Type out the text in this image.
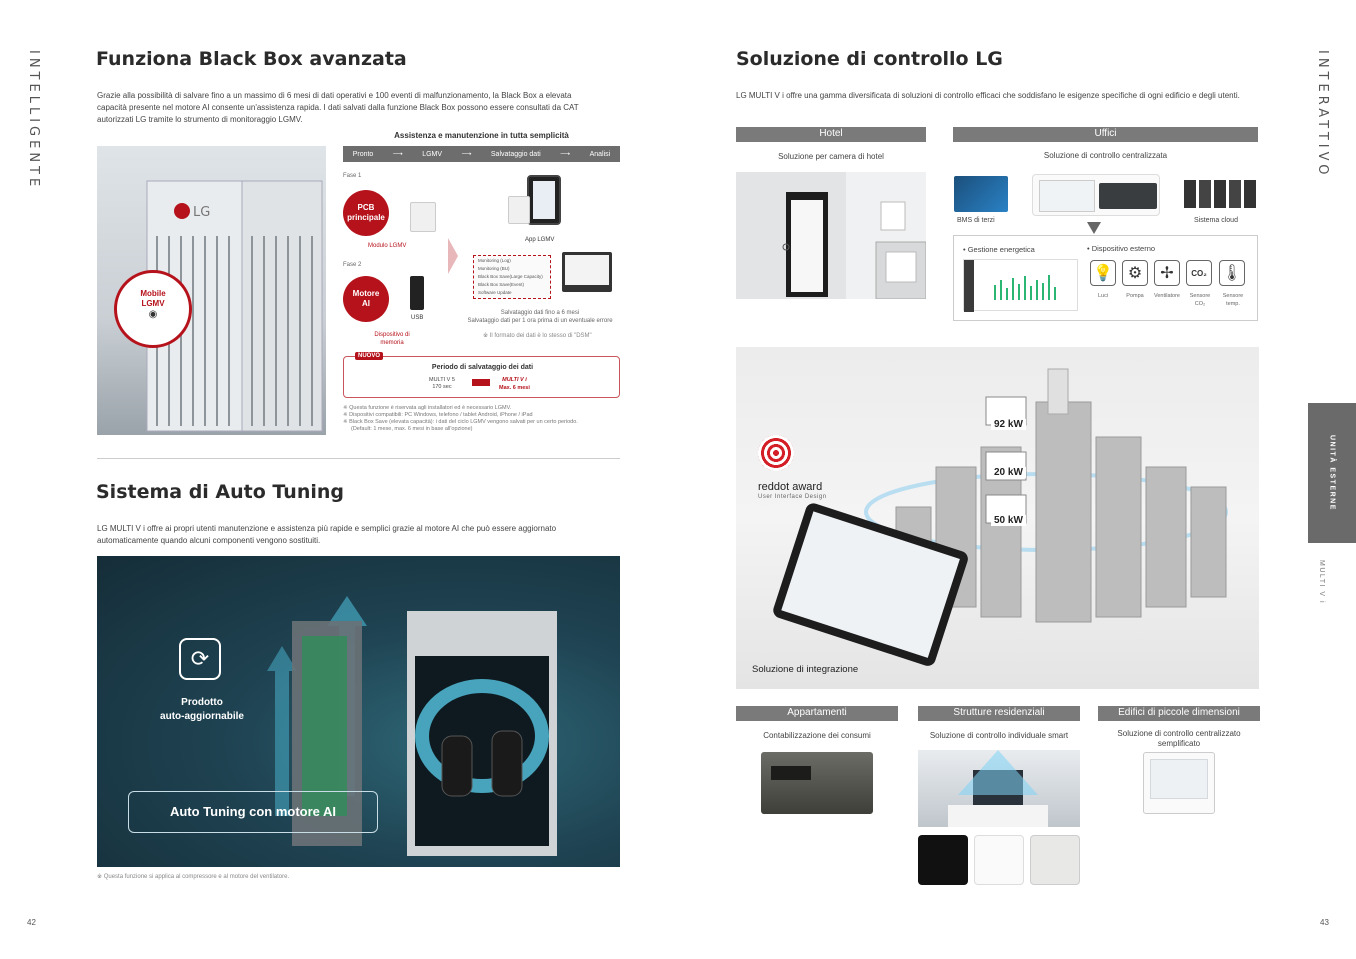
INTELLIGENTE	Funziona Black Box avanzata
Grazie alla possibilità di salvare fino a un massimo di 6 mesi di dati operativi e 100 eventi di malfunzionamento, la Black Box a elevata
capacità presente nel motore AI consente un'assistenza rapida. I dati salvati dalla funzione Black Box possono essere consultati da CAT
autorizzati LG tramite lo strumento di monitoraggio LGMV.
LG
Mobile LGMV
◉
Assistenza e manutenzione in tutta semplicità
Pronto	⟶	LGMV	⟶	Salvataggio dati	⟶	Analisi
Fase 1
PCB principale
Modulo LGMV
App LGMV
Fase 2
Motore AI
USB
Dispositivo di memoria
Monitoring (Log)
Monitoring (BU)
Black Box Save(Large Capacity)
Black Box Save(Event)
Software Update
Salvataggio dati fino a 6 mesi
Salvataggio dati per 1 ora prima di un eventuale errore
※ Il formato dei dati è lo stesso di "DSM"
NUOVO
Periodo di salvataggio dei dati
MULTI V 5
170 sec
MULTI V i
Max. 6 mesi
※ Questa funzione è riservata agli installatori ed è necessario LGMV.
※ Dispositivi compatibili: PC Windows, telefono / tablet Android, iPhone / iPad
※ Black Box Save (elevata capacità): i dati del ciclo LGMV vengono salvati per un certo periodo.
(Default: 1 mese, max. 6 mesi in base all'opzione)
Sistema di Auto Tuning
LG MULTI V i offre ai propri utenti manutenzione e assistenza più rapide e semplici grazie al motore AI che può essere aggiornato
automaticamente quando alcuni componenti vengono sostituiti.
⟳
Prodotto
auto-aggiornabile
Auto Tuning con motore AI
※ Questa funzione si applica al compressore e al motore del ventilatore.
42
Soluzione di controllo LG
LG MULTI V i offre una gamma diversificata di soluzioni di controllo efficaci che soddisfano le esigenze specifiche di ogni edificio e degli utenti.
Hotel
Soluzione per camera di hotel
Uffici
Soluzione di controllo centralizzata
BMS di terzi	Sistema cloud
• Gestione energetica	• Dispositivo esterno
💡 ⚙	✢	CO₂ 🌡
Luci	Pompa	Ventilatore	Sensore CO₂
Sensore temp.
reddot award
User Interface Design
92 kW
20 kW
50 kW
Soluzione di integrazione
Appartamenti
Contabilizzazione dei consumi
Strutture residenziali
Soluzione di controllo individuale smart
Edifici di piccole dimensioni
Soluzione di controllo centralizzato semplificato
INTERATTIVO
UNITÀ ESTERNE
MULTI V i
43
